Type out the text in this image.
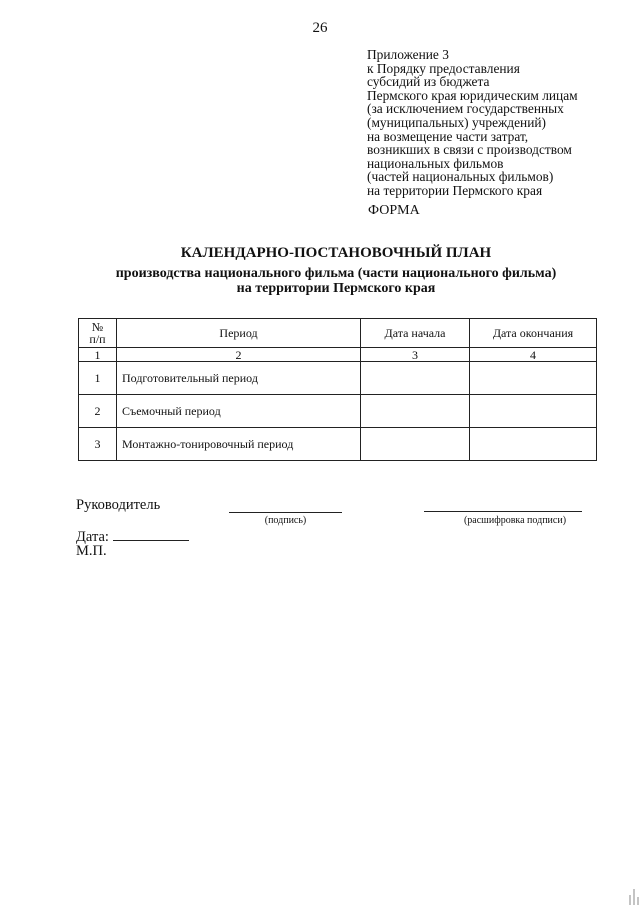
26
Приложение 3
к Порядку предоставления
субсидий из бюджета
Пермского края юридическим лицам
(за исключением государственных
(муниципальных) учреждений)
на возмещение части затрат,
возникших в связи с производством
национальных фильмов
(частей национальных фильмов)
на территории Пермского края
ФОРМА
КАЛЕНДАРНО-ПОСТАНОВОЧНЫЙ ПЛАН
производства национального фильма (части национального фильма)
на территории Пермского края
№
п/п	Период	Дата начала	Дата окончания
1	2	3	4
1	Подготовительный период		
2	Съемочный период		
3	Монтажно-тонировочный период		
Руководитель
(подпись)	(расшифровка подписи)
Дата:
М.П.
